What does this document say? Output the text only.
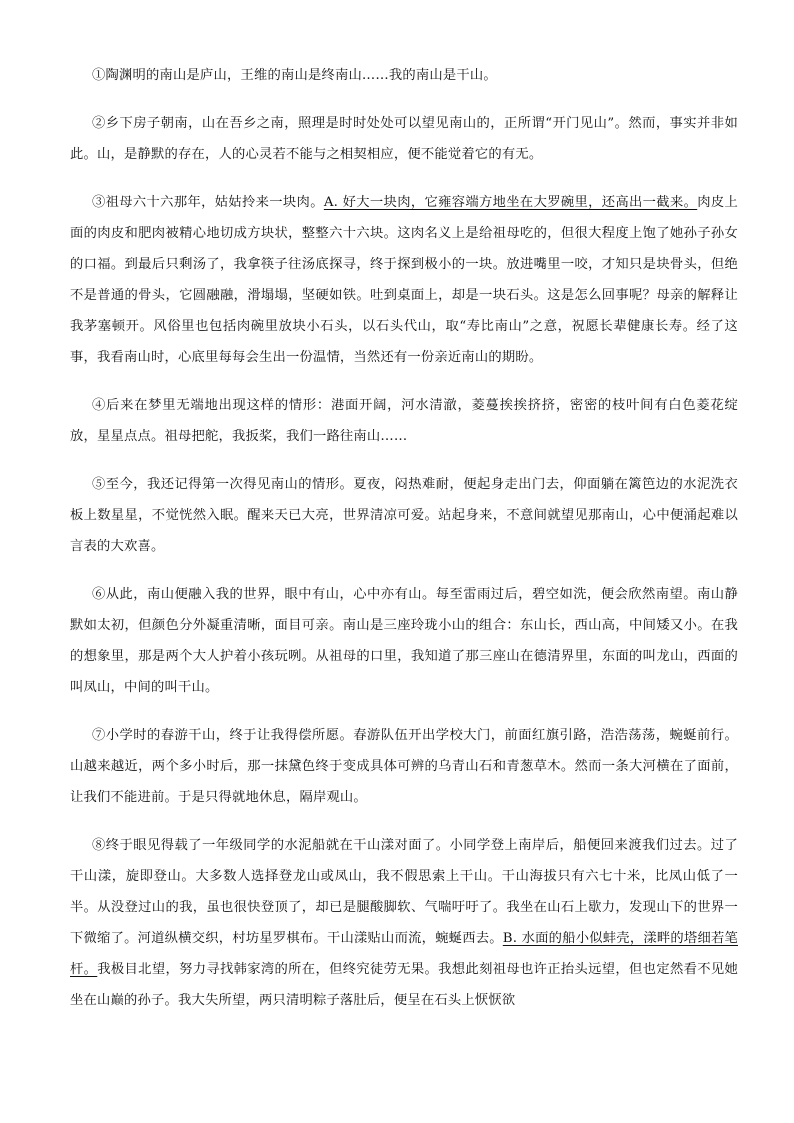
①陶渊明的南山是庐山，王维的南山是终南山……我的南山是干山。

②乡下房子朝南，山在吾乡之南，照理是时时处处可以望见南山的，正所谓“开门见山”。然而，事实并非如此。山，是静默的存在，人的心灵若不能与之相契相应，便不能觉着它的有无。

③祖母六十六那年，姑姑拎来一块肉。A. 好大一块肉，它雍容端方地坐在大罗碗里，还高出一截来。肉皮上面的肉皮和肥肉被精心地切成方块状，整整六十六块。这肉名义上是给祖母吃的，但很大程度上饱了她孙子孙女的口福。到最后只剩汤了，我拿筷子往汤底探寻，终于探到极小的一块。放进嘴里一咬，才知只是块骨头，但绝不是普通的骨头，它圆融融，滑塌塌，坚硬如铁。吐到桌面上，却是一块石头。这是怎么回事呢？母亲的解释让我茅塞顿开。风俗里也包括肉碗里放块小石头，以石头代山，取“寿比南山”之意，祝愿长辈健康长寿。经了这事，我看南山时，心底里每每会生出一份温情，当然还有一份亲近南山的期盼。

④后来在梦里无端地出现这样的情形：港面开阔，河水清澈，菱蔓挨挨挤挤，密密的枝叶间有白色菱花绽放，星星点点。祖母把舵，我扳桨，我们一路往南山……

⑤至今，我还记得第一次得见南山的情形。夏夜，闷热难耐，便起身走出门去，仰面躺在篱笆边的水泥洗衣板上数星星，不觉恍然入眠。醒来天已大亮，世界清凉可爱。站起身来，不意间就望见那南山，心中便涌起难以言表的大欢喜。

⑥从此，南山便融入我的世界，眼中有山，心中亦有山。每至雷雨过后，碧空如洗，便会欣然南望。南山静默如太初，但颜色分外凝重清晰，面目可亲。南山是三座玲珑小山的组合：东山长，西山高，中间矮又小。在我的想象里，那是两个大人护着小孩玩咧。从祖母的口里，我知道了那三座山在德清界里，东面的叫龙山，西面的叫凤山，中间的叫干山。

⑦小学时的春游干山，终于让我得偿所愿。春游队伍开出学校大门，前面红旗引路，浩浩荡荡，蜿蜒前行。山越来越近，两个多小时后，那一抹黛色终于变成具体可辨的乌青山石和青葱草木。然而一条大河横在了面前，让我们不能进前。于是只得就地休息，隔岸观山。

⑧终于眼见得载了一年级同学的水泥船就在干山漾对面了。小同学登上南岸后，船便回来渡我们过去。过了干山漾，旋即登山。大多数人选择登龙山或凤山，我不假思索上干山。干山海拔只有六七十米，比凤山低了一半。从没登过山的我，虽也很快登顶了，却已是腿酸脚软、气喘吁吁了。我坐在山石上歇力，发现山下的世界一下微缩了。河道纵横交织，村坊星罗棋布。干山漾贴山而流，蜿蜒西去。B. 水面的船小似蚌壳，漾畔的塔细若笔杆。我极目北望，努力寻找韩家湾的所在，但终究徒劳无果。我想此刻祖母也许正抬头远望，但也定然看不见她坐在山巅的孙子。我大失所望，两只清明粽子落肚后，便呈在石头上恹恹欲
